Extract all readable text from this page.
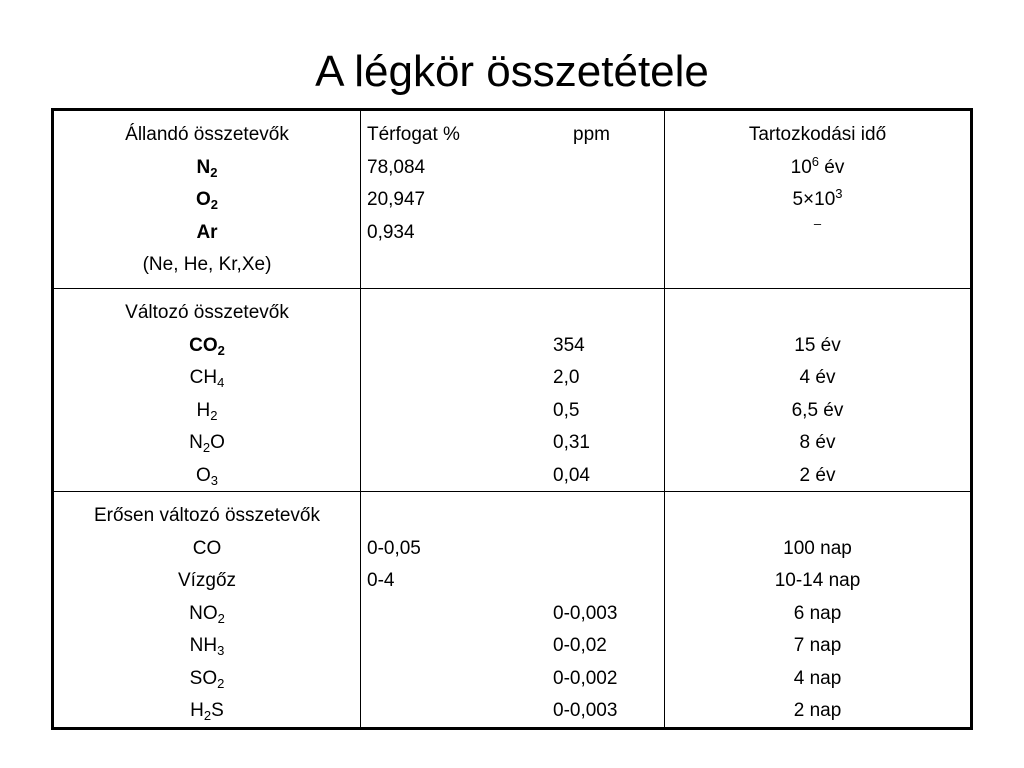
A légkör összetétele
Állandó összetevők
$N_2$
$O_2$
Ar
(Ne, He, Kr,Xe)
Térfogat %	ppm
78,084
20,947
0,934
Tartozkodási idő
$10^6$ év
$5\times 10^3$
–
Változó összetevők
$CO_2$
$CH_4$
$H_2$
$N_2O$
$O_3$
354
2,0
0,5
0,31
0,04
15 év
4 év
6,5 év
8 év
2 év
Erősen változó összetevők
CO
Vízgőz
$NO_2$
$NH_3$
$SO_2$
$H_2S$
0-0,05
0-4
0-0,003
0-0,02
0-0,002
0-0,003
100 nap
10-14 nap
6 nap
7 nap
4 nap
2 nap
